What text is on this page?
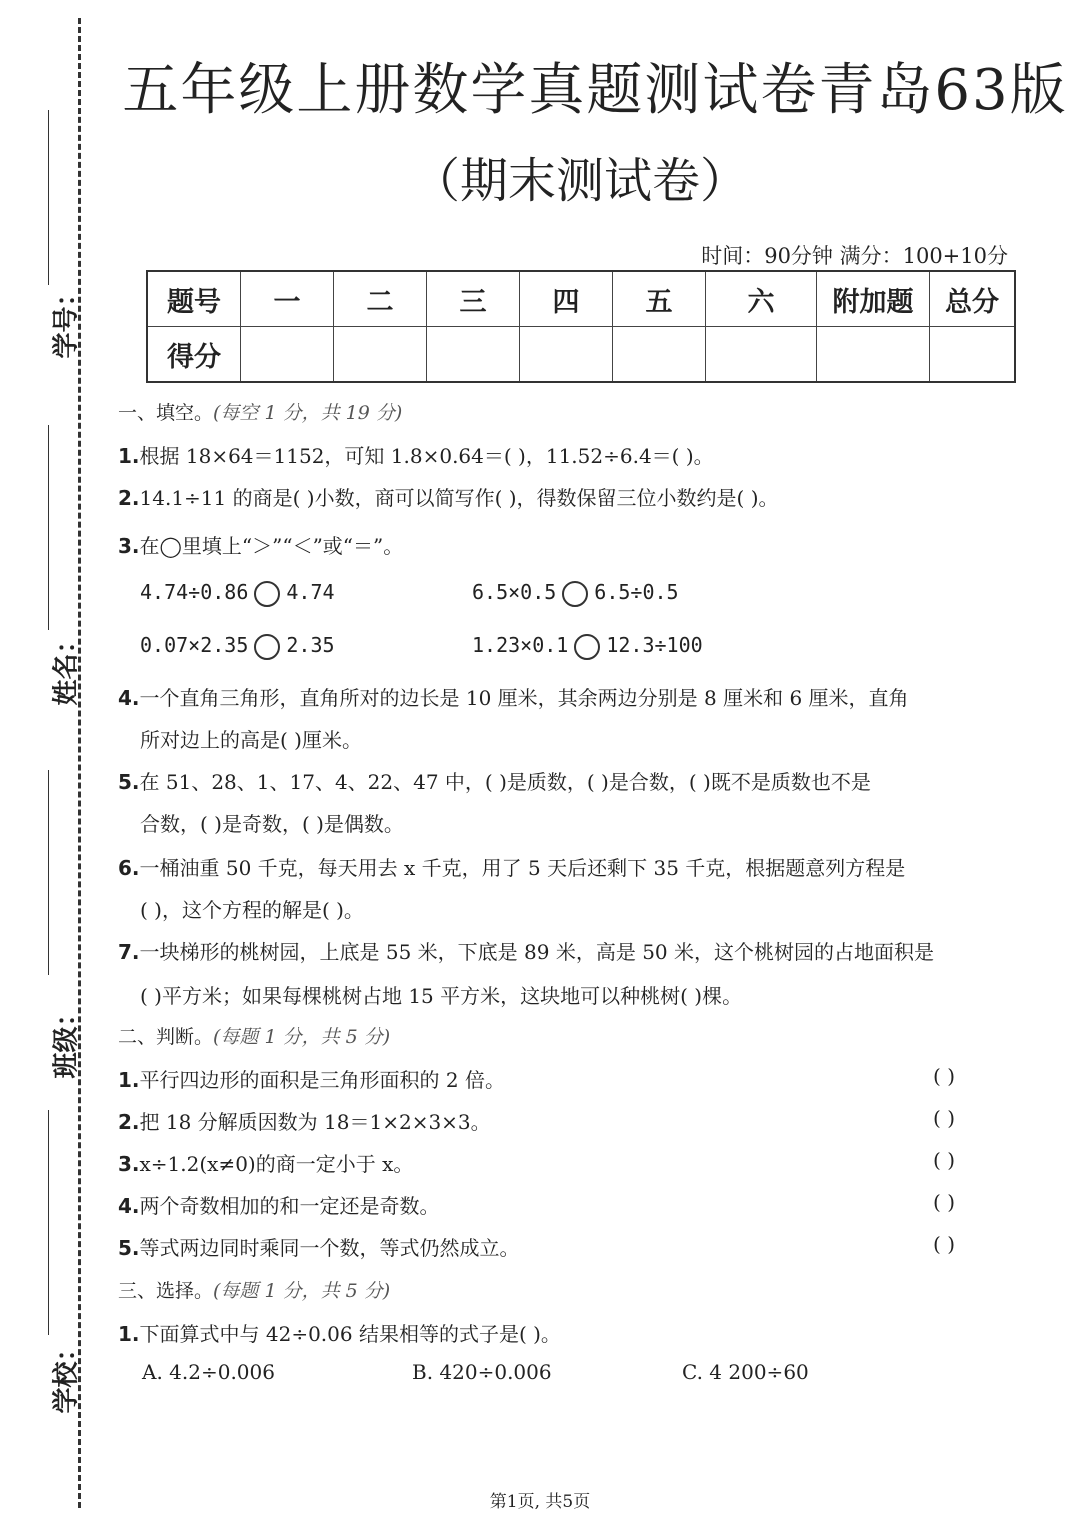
学号：
姓名：
班级：
学校：
五年级上册数学真题测试卷青岛63版
（期末测试卷）
时间：90分钟 满分：100+10分
题号	一	二	三	四	五	六	附加题	总分
得分								
一、填空。(每空 1 分，共 19 分)
1.根据 18×64＝1152，可知 1.8×0.64＝( )，11.52÷6.4＝( )。
2.14.1÷11 的商是( )小数，商可以简写作( )，得数保留三位小数约是( )。
3.在◯里填上“＞”“＜”或“＝”。
4.74÷0.86 4.74	6.5×0.5 6.5÷0.5
0.07×2.35 2.35	1.23×0.1 12.3÷100
4.一个直角三角形，直角所对的边长是 10 厘米，其余两边分别是 8 厘米和 6 厘米，直角
所对边上的高是( )厘米。
5.在 51、28、1、17、4、22、47 中，( )是质数，( )是合数，( )既不是质数也不是
合数，( )是奇数，( )是偶数。
6.一桶油重 50 千克，每天用去 x 千克，用了 5 天后还剩下 35 千克，根据题意列方程是
( )，这个方程的解是( )。
7.一块梯形的桃树园，上底是 55 米，下底是 89 米，高是 50 米，这个桃树园的占地面积是
( )平方米；如果每棵桃树占地 15 平方米，这块地可以种桃树( )棵。
二、判断。(每题 1 分，共 5 分)
1.平行四边形的面积是三角形面积的 2 倍。	( )
2.把 18 分解质因数为 18＝1×2×3×3。	( )
3.x÷1.2(x≠0)的商一定小于 x。	( )
4.两个奇数相加的和一定还是奇数。	( )
5.等式两边同时乘同一个数，等式仍然成立。	( )
三、选择。(每题 1 分，共 5 分)
1.下面算式中与 42÷0.06 结果相等的式子是( )。
A. 4.2÷0.006	B. 420÷0.006	C. 4 200÷60
第1页, 共5页
